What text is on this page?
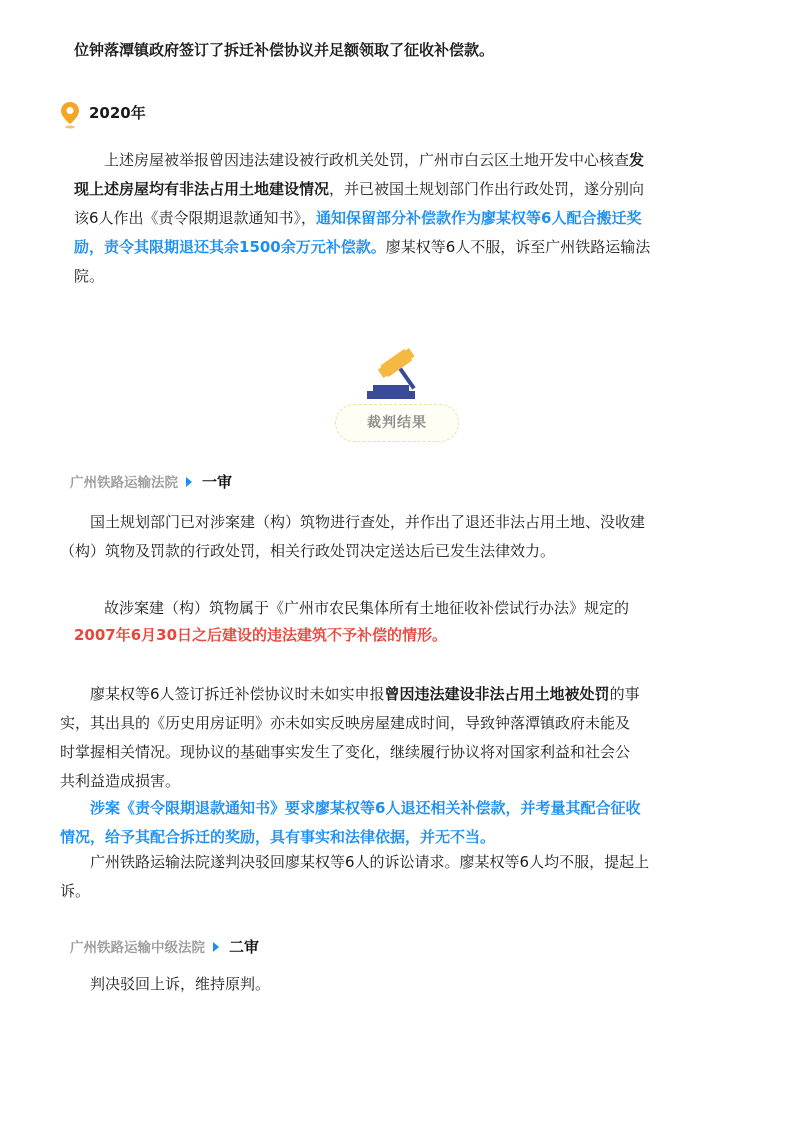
位钟落潭镇政府签订了拆迁补偿协议并足额领取了征收补偿款。
2020年
上述房屋被举报曾因违法建设被行政机关处罚，广州市白云区土地开发中心核查发
现上述房屋均有非法占用土地建设情况，并已被国土规划部门作出行政处罚，遂分别向
该6人作出《责令限期退款通知书》，通知保留部分补偿款作为廖某权等6人配合搬迁奖
励，责令其限期退还其余1500余万元补偿款。廖某权等6人不服，诉至广州铁路运输法
院。
裁判结果
广州铁路运输法院 一审
国土规划部门已对涉案建（构）筑物进行查处，并作出了退还非法占用土地、没收建
（构）筑物及罚款的行政处罚，相关行政处罚决定送达后已发生法律效力。
故涉案建（构）筑物属于《广州市农民集体所有土地征收补偿试行办法》规定的
2007年6月30日之后建设的违法建筑不予补偿的情形。
廖某权等6人签订拆迁补偿协议时未如实申报曾因违法建设非法占用土地被处罚的事
实，其出具的《历史用房证明》亦未如实反映房屋建成时间，导致钟落潭镇政府未能及
时掌握相关情况。现协议的基础事实发生了变化，继续履行协议将对国家利益和社会公
共利益造成损害。
涉案《责令限期退款通知书》要求廖某权等6人退还相关补偿款，并考量其配合征收
情况，给予其配合拆迁的奖励，具有事实和法律依据，并无不当。
广州铁路运输法院遂判决驳回廖某权等6人的诉讼请求。廖某权等6人均不服，提起上
诉。
广州铁路运输中级法院 二审
判决驳回上诉，维持原判。
